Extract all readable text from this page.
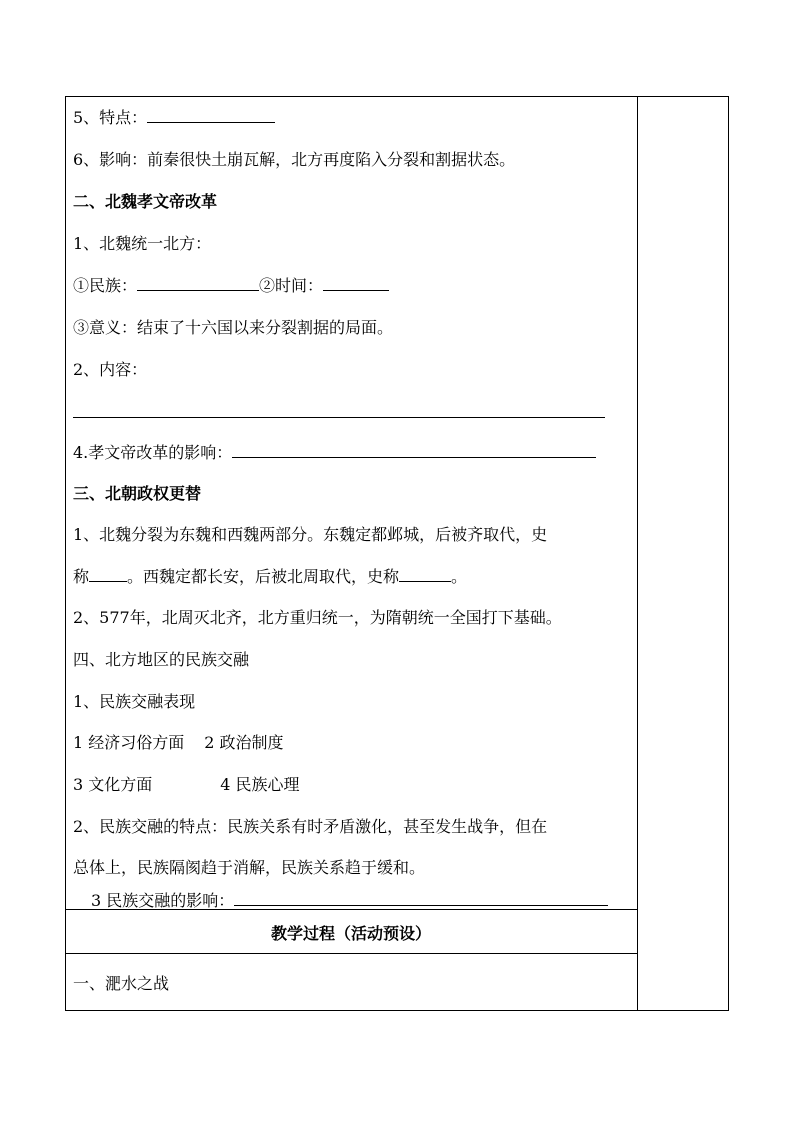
5、特点：
6、影响：前秦很快土崩瓦解，北方再度陷入分裂和割据状态。
二、北魏孝文帝改革
1、北魏统一北方：
①民族：	②时间：
③意义：结束了十六国以来分裂割据的局面。
2、内容：
4.孝文帝改革的影响：
三、北朝政权更替
1、北魏分裂为东魏和西魏两部分。东魏定都邺城，后被齐取代，史
称 。西魏定都长安，后被北周取代，史称	。
2、577年，北周灭北齐，北方重归统一，为隋朝统一全国打下基础。
四、北方地区的民族交融
1、民族交融表现
1 经济习俗方面 2 政治制度
3 文化方面	4 民族心理
2、民族交融的特点：民族关系有时矛盾激化，甚至发生战争，但在
总体上，民族隔阂趋于消解，民族关系趋于缓和。
3 民族交融的影响：
教学过程（活动预设）
一、淝水之战
